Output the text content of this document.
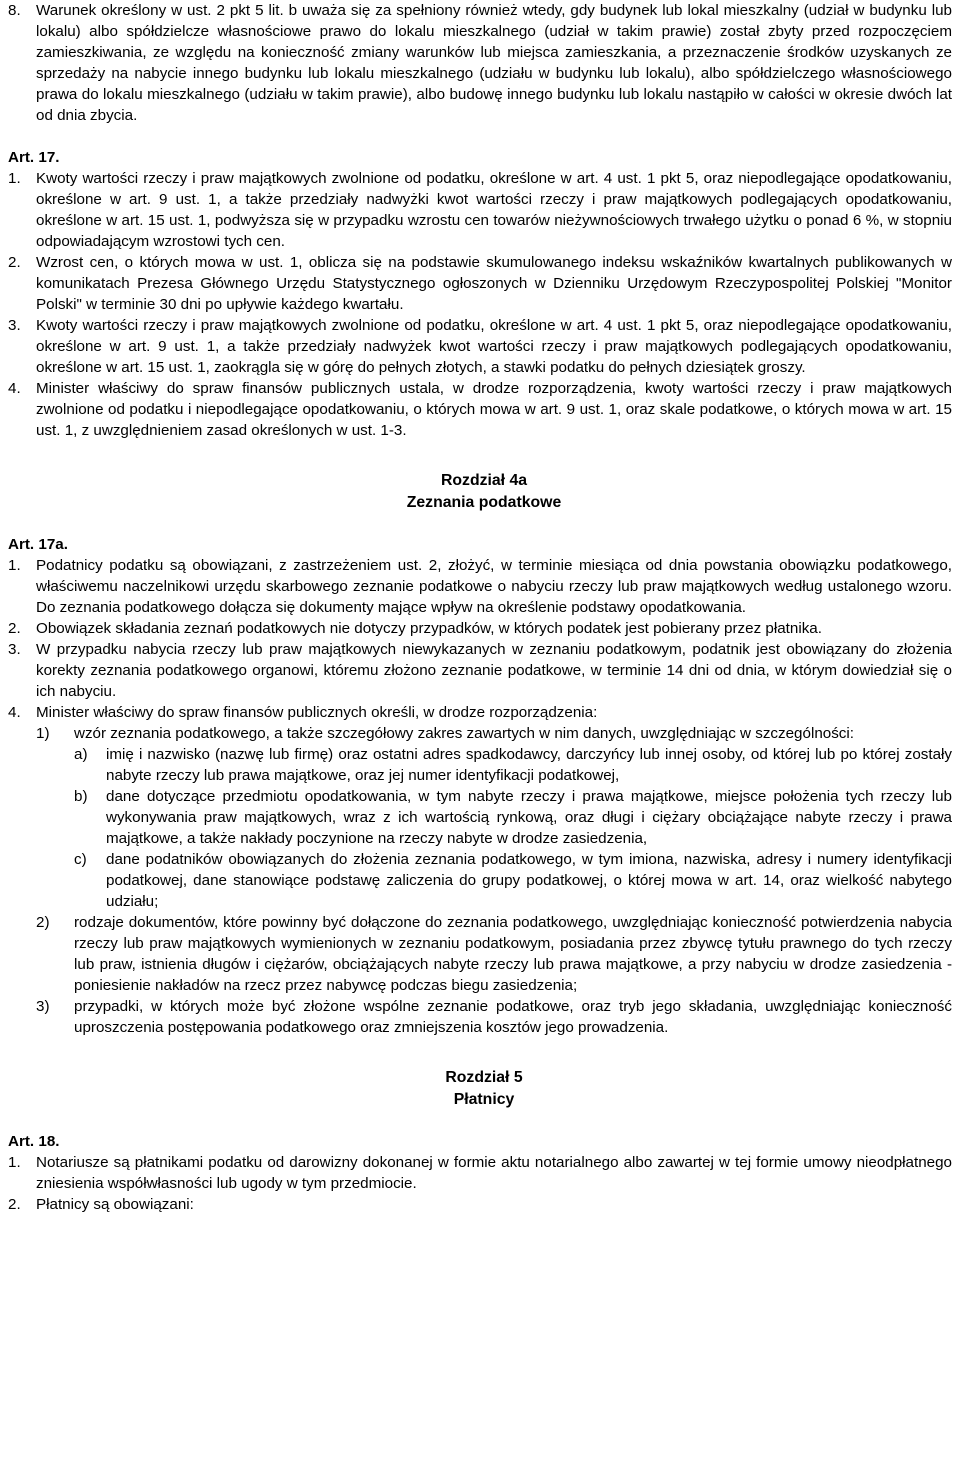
8.	Warunek określony w ust. 2 pkt 5 lit. b uważa się za spełniony również wtedy, gdy budynek lub lokal mieszkalny (udział w budynku lub lokalu) albo spółdzielcze własnościowe prawo do lokalu mieszkalnego (udział w takim prawie) został zbyty przed rozpoczęciem zamieszkiwania, ze względu na konieczność zmiany warunków lub miejsca zamieszkania, a przeznaczenie środków uzyskanych ze sprzedaży na nabycie innego budynku lub lokalu mieszkalnego (udziału w budynku lub lokalu), albo spółdzielczego własnościowego prawa do lokalu mieszkalnego (udziału w takim prawie), albo budowę innego budynku lub lokalu nastąpiło w całości w okresie dwóch lat od dnia zbycia.
Art. 17.
1.	Kwoty wartości rzeczy i praw majątkowych zwolnione od podatku, określone w art. 4 ust. 1 pkt 5, oraz niepodlegające opodatkowaniu, określone w art. 9 ust. 1, a także przedziały nadwyżki kwot wartości rzeczy i praw majątkowych podlegających opodatkowaniu, określone w art. 15 ust. 1, podwyższa się w przypadku wzrostu cen towarów nieżywnościowych trwałego użytku o ponad 6 %, w stopniu odpowiadającym wzrostowi tych cen.
2.	Wzrost cen, o których mowa w ust. 1, oblicza się na podstawie skumulowanego indeksu wskaźników kwartalnych publikowanych w komunikatach Prezesa Głównego Urzędu Statystycznego ogłoszonych w Dzienniku Urzędowym Rzeczypospolitej Polskiej "Monitor Polski" w terminie 30 dni po upływie każdego kwartału.
3.	Kwoty wartości rzeczy i praw majątkowych zwolnione od podatku, określone w art. 4 ust. 1 pkt 5, oraz niepodlegające opodatkowaniu, określone w art. 9 ust. 1, a także przedziały nadwyżek kwot wartości rzeczy i praw majątkowych podlegających opodatkowaniu, określone w art. 15 ust. 1, zaokrągla się w górę do pełnych złotych, a stawki podatku do pełnych dziesiątek groszy.
4.	Minister właściwy do spraw finansów publicznych ustala, w drodze rozporządzenia, kwoty wartości rzeczy i praw majątkowych zwolnione od podatku i niepodlegające opodatkowaniu, o których mowa w art. 9 ust. 1, oraz skale podatkowe, o których mowa w art. 15 ust. 1, z uwzględnieniem zasad określonych w ust. 1-3.
Rozdział 4a
Zeznania podatkowe
Art. 17a.
1.	Podatnicy podatku są obowiązani, z zastrzeżeniem ust. 2, złożyć, w terminie miesiąca od dnia powstania obowiązku podatkowego, właściwemu naczelnikowi urzędu skarbowego zeznanie podatkowe o nabyciu rzeczy lub praw majątkowych według ustalonego wzoru. Do zeznania podatkowego dołącza się dokumenty mające wpływ na określenie podstawy opodatkowania.
2.	Obowiązek składania zeznań podatkowych nie dotyczy przypadków, w których podatek jest pobierany przez płatnika.
3.	W przypadku nabycia rzeczy lub praw majątkowych niewykazanych w zeznaniu podatkowym, podatnik jest obowiązany do złożenia korekty zeznania podatkowego organowi, któremu złożono zeznanie podatkowe, w terminie 14 dni od dnia, w którym dowiedział się o ich nabyciu.
4.	Minister właściwy do spraw finansów publicznych określi, w drodze rozporządzenia:
1)	wzór zeznania podatkowego, a także szczegółowy zakres zawartych w nim danych, uwzględniając w szczególności:
a)	imię i nazwisko (nazwę lub firmę) oraz ostatni adres spadkodawcy, darczyńcy lub innej osoby, od której lub po której zostały nabyte rzeczy lub prawa majątkowe, oraz jej numer identyfikacji podatkowej,
b)	dane dotyczące przedmiotu opodatkowania, w tym nabyte rzeczy i prawa majątkowe, miejsce położenia tych rzeczy lub wykonywania praw majątkowych, wraz z ich wartością rynkową, oraz długi i ciężary obciążające nabyte rzeczy i prawa majątkowe, a także nakłady poczynione na rzeczy nabyte w drodze zasiedzenia,
c)	dane podatników obowiązanych do złożenia zeznania podatkowego, w tym imiona, nazwiska, adresy i numery identyfikacji podatkowej, dane stanowiące podstawę zaliczenia do grupy podatkowej, o której mowa w art. 14, oraz wielkość nabytego udziału;
2)	rodzaje dokumentów, które powinny być dołączone do zeznania podatkowego, uwzględniając konieczność potwierdzenia nabycia rzeczy lub praw majątkowych wymienionych w zeznaniu podatkowym, posiadania przez zbywcę tytułu prawnego do tych rzeczy lub praw, istnienia długów i ciężarów, obciążających nabyte rzeczy lub prawa majątkowe, a przy nabyciu w drodze zasiedzenia - poniesienie nakładów na rzecz przez nabywcę podczas biegu zasiedzenia;
3)	przypadki, w których może być złożone wspólne zeznanie podatkowe, oraz tryb jego składania, uwzględniając konieczność uproszczenia postępowania podatkowego oraz zmniejszenia kosztów jego prowadzenia.
Rozdział 5
Płatnicy
Art. 18.
1.	Notariusze są płatnikami podatku od darowizny dokonanej w formie aktu notarialnego albo zawartej w tej formie umowy nieodpłatnego zniesienia współwłasności lub ugody w tym przedmiocie.
2.	Płatnicy są obowiązani:
